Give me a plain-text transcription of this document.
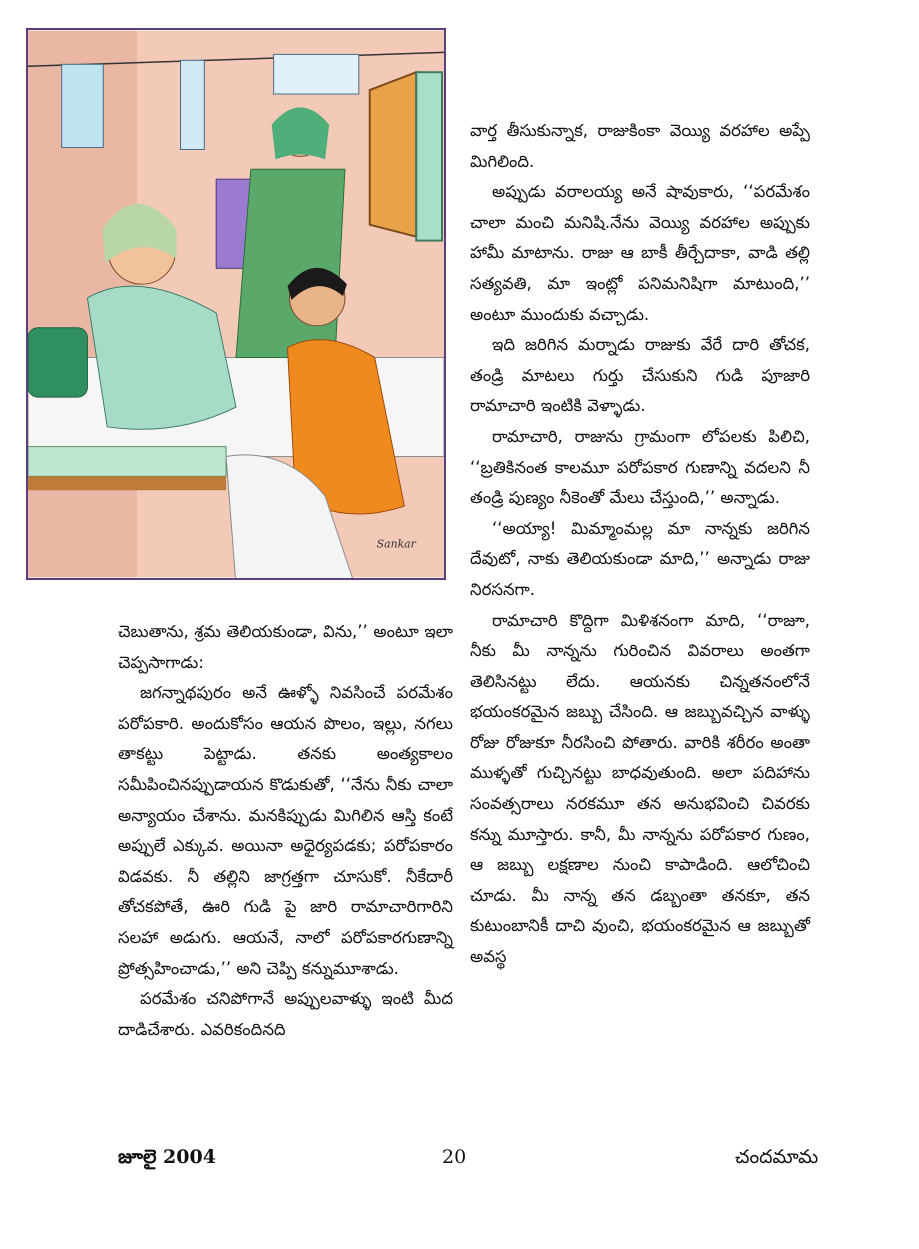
Sankar

వార్త తీసుకున్నాక, రాజుకింకా వెయ్యి వరహాల అప్పే మిగిలింది.

అప్పుడు వరాలయ్య అనే షావుకారు, ‘‘పరమేశం చాలా మంచి మనిషి.నేను వెయ్యి వరహాల అప్పుకు హామీ మాటాను. రాజు ఆ బాకీ తీర్చేదాకా, వాడి తల్లి సత్యవతి, మా ఇంట్లో పనిమనిషిగా మాటుంది,’’ అంటూ ముందుకు వచ్చాడు.

ఇది జరిగిన మర్నాడు రాజుకు వేరే దారి తోచక, తండ్రి మాటలు గుర్తు చేసుకుని గుడి పూజారి రామాచారి ఇంటికి వెళ్ళాడు.

రామాచారి, రాజును గ్రామంగా లోపలకు పిలిచి, ‘‘బ్రతికినంత కాలమూ పరోపకార గుణాన్ని వదలని నీ తండ్రి పుణ్యం నీకెంతో మేలు చేస్తుంది,’’ అన్నాడు.

‘‘అయ్యా! మిమ్మాంమల్ల మా నాన్నకు జరిగిన దేవుటో, నాకు తెలియకుండా మాది,’’ అన్నాడు రాజు నిరసనగా.

రామాచారి కొద్దిగా మిళిశనంగా మాది, ‘‘రాజూ, నీకు మీ నాన్నను గురించిన వివరాలు అంతగా తెలిసినట్టు లేదు. ఆయనకు చిన్నతనంలోనే భయంకరమైన జబ్బు చేసింది. ఆ జబ్బువచ్చిన వాళ్ళు రోజు రోజుకూ నీరసించి పోతారు. వారికి శరీరం అంతా ముళ్ళతో గుచ్చినట్టు బాధవుతుంది. అలా పదిహాను సంవత్సరాలు నరకమూ తన అనుభవించి చివరకు కన్ను మూస్తారు. కానీ, మీ నాన్నను పరోపకార గుణం, ఆ జబ్బు లక్షణాల నుంచి కాపాడింది. ఆలోచించి చూడు. మీ నాన్న తన డబ్బంతా తనకూ, తన కుటుంబానికీ దాచి వుంచి, భయంకరమైన ఆ జబ్బుతో అవస్థ

చెబుతాను, శ్రమ తెలియకుండా, విను,’’ అంటూ ఇలా చెప్పసాగాడు:

జగన్నాథపురం అనే ఊళ్ళో నివసించే పరమేశం పరోపకారి. అందుకోసం ఆయన పొలం, ఇల్లు, నగలు తాకట్టు పెట్టాడు. తనకు అంత్యకాలం సమీపించినప్పుడాయన కొడుకుతో, ‘‘నేను నీకు చాలా అన్యాయం చేశాను. మనకిప్పుడు మిగిలిన ఆస్తి కంటే అప్పులే ఎక్కువ. అయినా అధైర్యపడకు; పరోపకారం విడవకు. నీ తల్లిని జాగ్రత్తగా చూసుకో. నీకేదారీ తోచకపోతే, ఊరి గుడి పై జారి రామాచారిగారిని సలహా అడుగు. ఆయనే, నాలో పరోపకారగుణాన్ని ప్రోత్సహించాడు,’’ అని చెప్పి కన్నుమూశాడు.

పరమేశం చనిపోగానే అప్పులవాళ్ళు ఇంటి మీద దాడిచేశారు. ఎవరికందినది

జూలై 2004	20	చందమామ
